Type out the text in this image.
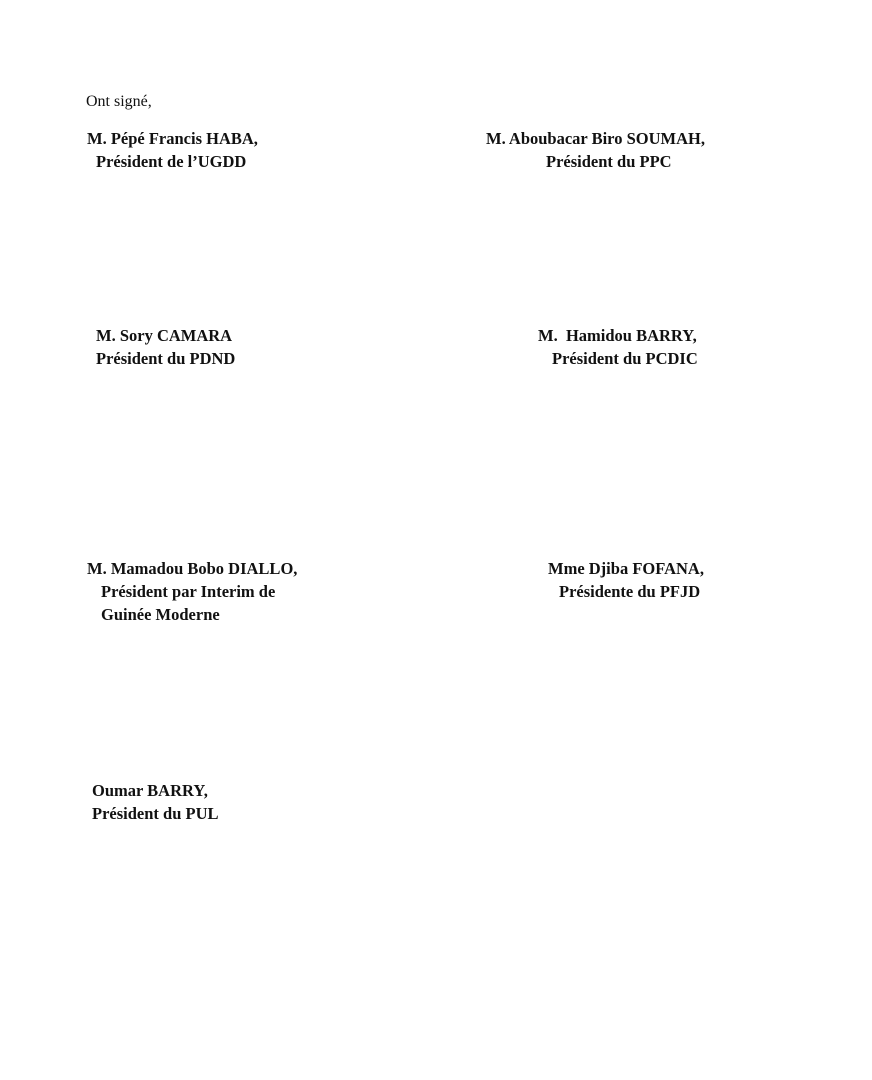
Ont signé,
M. Pépé Francis HABA,
Président de l’UGDD
M. Aboubacar Biro SOUMAH,
Président du PPC
M. Sory CAMARA
Président du PDND
M.  Hamidou BARRY,
Président du PCDIC
M. Mamadou Bobo DIALLO,
Président par Interim de
Guinée Moderne
Mme Djiba FOFANA,
Présidente du PFJD
Oumar BARRY,
Président du PUL
